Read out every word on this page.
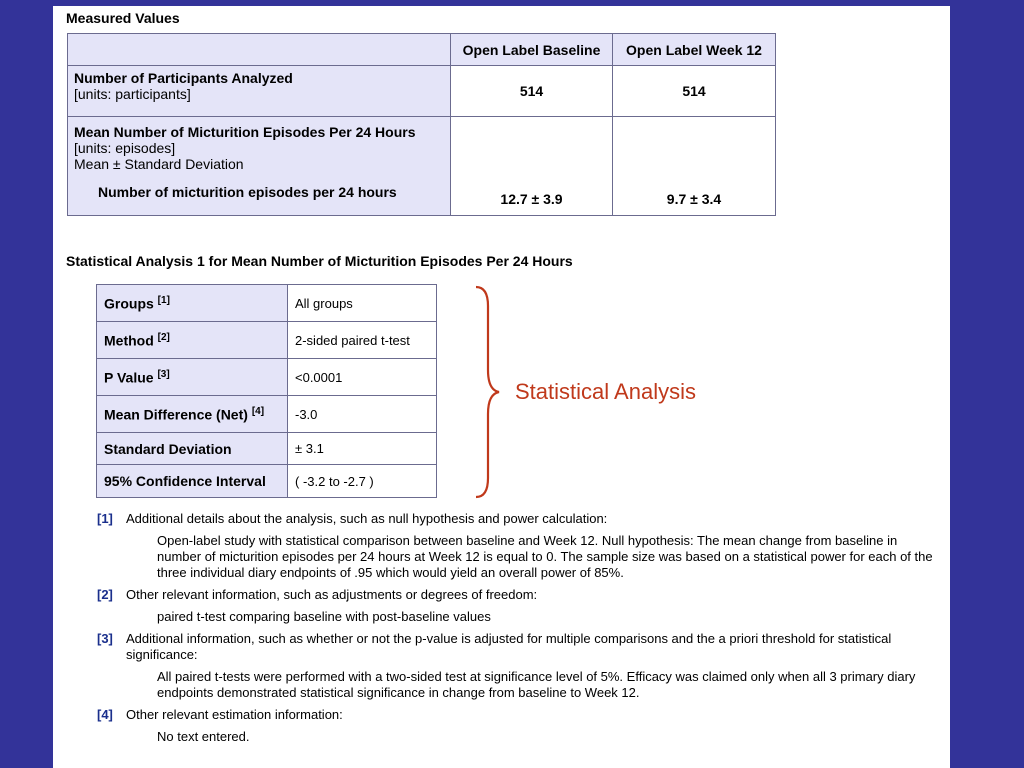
Measured Values
	Open Label Baseline	Open Label Week 12

Number of Participants Analyzed
[units: participants]	514	514

Mean Number of Micturition Episodes Per 24 Hours
[units: episodes]
Mean ± Standard Deviation
Number of micturition episodes per 24 hours	12.7 ± 3.9	9.7 ± 3.4
Statistical Analysis 1 for Mean Number of Micturition Episodes Per 24 Hours
Groups [1]	All groups
Method [2]	2-sided paired t-test
P Value [3]	<0.0001
Mean Difference (Net) [4]	-3.0
Standard Deviation	± 3.1
95% Confidence Interval	( -3.2 to -2.7 )
Statistical Analysis
[1] Additional details about the analysis, such as null hypothesis and power calculation:
Open-label study with statistical comparison between baseline and Week 12. Null hypothesis: The mean change from baseline in number of micturition episodes per 24 hours at Week 12 is equal to 0. The sample size was based on a statistical power for each of the three individual diary endpoints of .95 which would yield an overall power of 85%.
[2] Other relevant information, such as adjustments or degrees of freedom:
paired t-test comparing baseline with post-baseline values
[3] Additional information, such as whether or not the p-value is adjusted for multiple comparisons and the a priori threshold for statistical significance:
All paired t-tests were performed with a two-sided test at significance level of 5%. Efficacy was claimed only when all 3 primary diary endpoints demonstrated statistical significance in change from baseline to Week 12.
[4] Other relevant estimation information:
No text entered.
